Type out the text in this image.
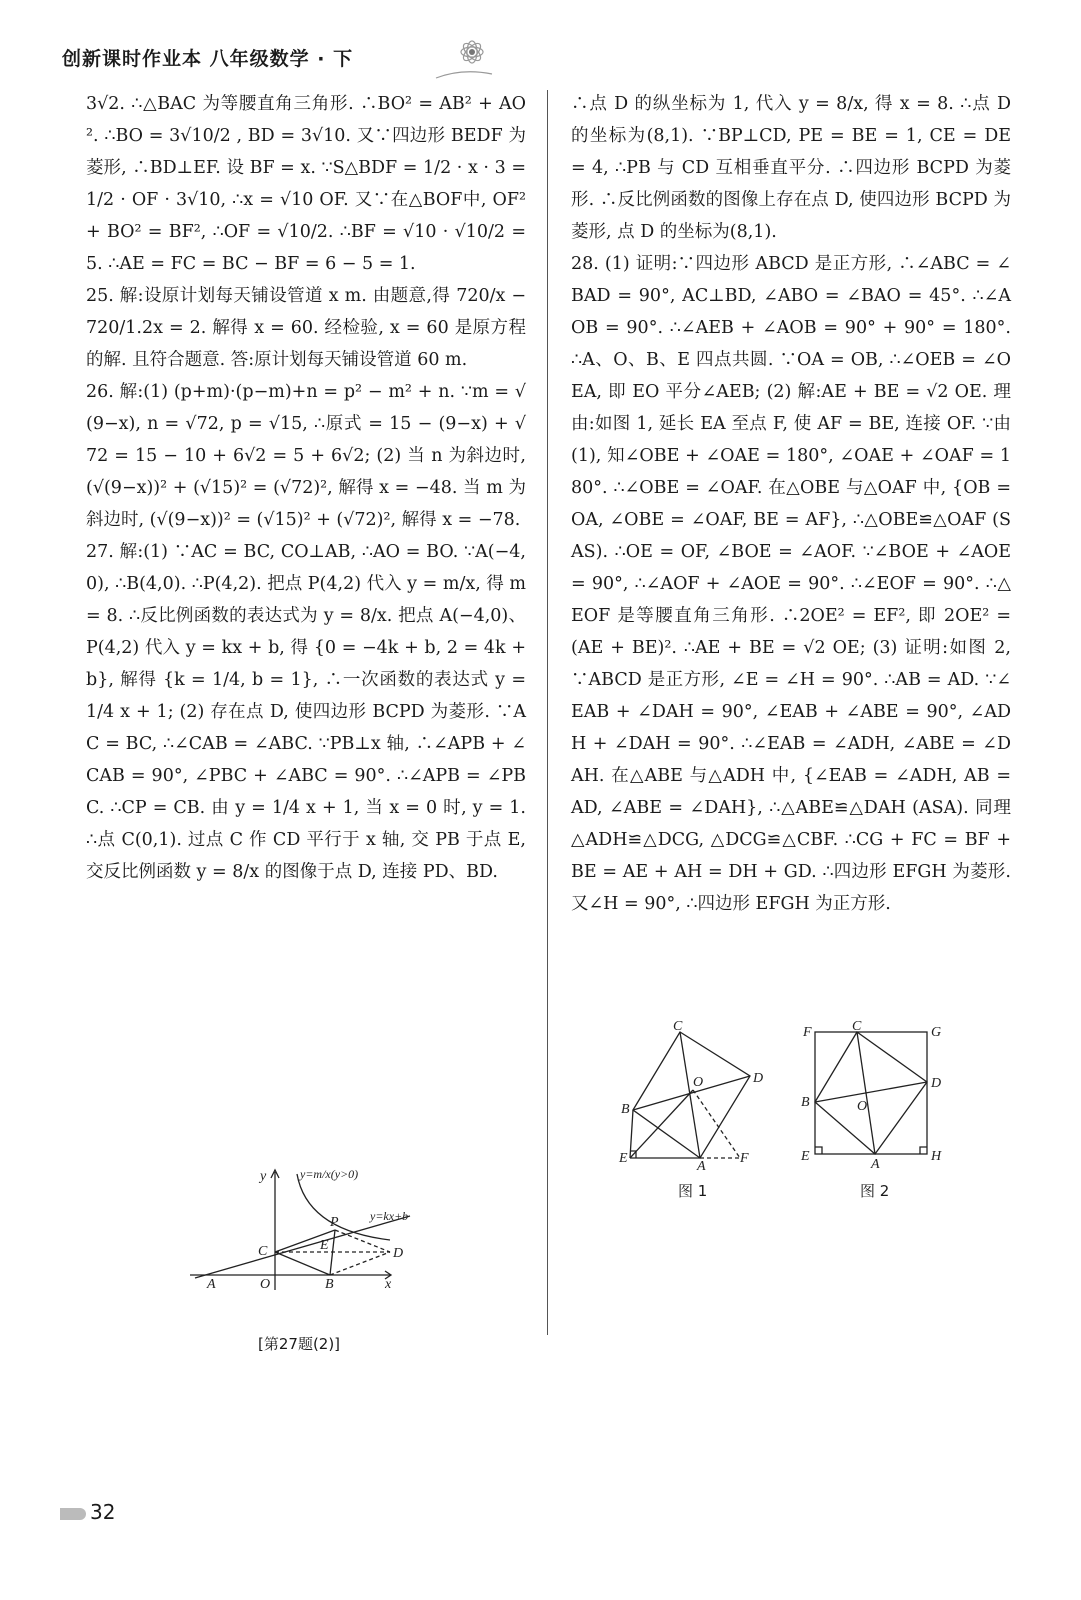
创新课时作业本 八年级数学 · 下

3√2. ∴△BAC 为等腰直角三角形. ∴BO² = AB² + AO². ∴BO = 3√10/2 , BD = 3√10. 又∵四边形 BEDF 为菱形, ∴BD⊥EF. 设 BF = x. ∵S△BDF = 1/2 · x · 3 = 1/2 · OF · 3√10, ∴x = √10 OF. 又∵在△BOF中, OF² + BO² = BF², ∴OF = √10/2. ∴BF = √10 · √10/2 = 5. ∴AE = FC = BC − BF = 6 − 5 = 1.

25. 解:设原计划每天铺设管道 x m. 由题意,得 720/x − 720/1.2x = 2. 解得 x = 60. 经检验, x = 60 是原方程的解. 且符合题意. 答:原计划每天铺设管道 60 m.

26. 解:(1) (p+m)·(p−m)+n = p² − m² + n. ∵m = √(9−x), n = √72, p = √15, ∴原式 = 15 − (9−x) + √72 = 15 − 10 + 6√2 = 5 + 6√2; (2) 当 n 为斜边时, (√(9−x))² + (√15)² = (√72)², 解得 x = −48. 当 m 为斜边时, (√(9−x))² = (√15)² + (√72)², 解得 x = −78.

27. 解:(1) ∵AC = BC, CO⊥AB, ∴AO = BO. ∵A(−4,0), ∴B(4,0). ∴P(4,2). 把点 P(4,2) 代入 y = m/x, 得 m = 8. ∴反比例函数的表达式为 y = 8/x. 把点 A(−4,0)、P(4,2) 代入 y = kx + b, 得 {0 = −4k + b, 2 = 4k + b}, 解得 {k = 1/4, b = 1}, ∴一次函数的表达式 y = 1/4 x + 1; (2) 存在点 D, 使四边形 BCPD 为菱形. ∵AC = BC, ∴∠CAB = ∠ABC. ∵PB⊥x 轴, ∴∠APB + ∠CAB = 90°, ∠PBC + ∠ABC = 90°. ∴∠APB = ∠PBC. ∴CP = CB. 由 y = 1/4 x + 1, 当 x = 0 时, y = 1. ∴点 C(0,1). 过点 C 作 CD 平行于 x 轴, 交 PB 于点 E, 交反比例函数 y = 8/x 的图像于点 D, 连接 PD、BD.

∴点 D 的纵坐标为 1, 代入 y = 8/x, 得 x = 8. ∴点 D 的坐标为(8,1). ∵BP⊥CD, PE = BE = 1, CE = DE = 4, ∴PB 与 CD 互相垂直平分. ∴四边形 BCPD 为菱形. ∴反比例函数的图像上存在点 D, 使四边形 BCPD 为菱形, 点 D 的坐标为(8,1).

28. (1) 证明:∵四边形 ABCD 是正方形, ∴∠ABC = ∠BAD = 90°, AC⊥BD, ∠ABO = ∠BAO = 45°. ∴∠AOB = 90°. ∴∠AEB + ∠AOB = 90° + 90° = 180°. ∴A、O、B、E 四点共圆. ∵OA = OB, ∴∠OEB = ∠OEA, 即 EO 平分∠AEB; (2) 解:AE + BE = √2 OE. 理由:如图 1, 延长 EA 至点 F, 使 AF = BE, 连接 OF. ∵由(1), 知∠OBE + ∠OAE = 180°, ∠OAE + ∠OAF = 180°. ∴∠OBE = ∠OAF. 在△OBE 与△OAF 中, {OB = OA, ∠OBE = ∠OAF, BE = AF}, ∴△OBE≌△OAF (SAS). ∴OE = OF, ∠BOE = ∠AOF. ∵∠BOE + ∠AOE = 90°, ∴∠AOF + ∠AOE = 90°. ∴∠EOF = 90°. ∴△EOF 是等腰直角三角形. ∴2OE² = EF², 即 2OE² = (AE + BE)². ∴AE + BE = √2 OE; (3) 证明:如图 2, ∵ABCD 是正方形, ∠E = ∠H = 90°. ∴AB = AD. ∵∠EAB + ∠DAH = 90°, ∠EAB + ∠ABE = 90°, ∠ADH + ∠DAH = 90°. ∴∠EAB = ∠ADH, ∠ABE = ∠DAH. 在△ABE 与△ADH 中, {∠EAB = ∠ADH, AB = AD, ∠ABE = ∠DAH}, ∴△ABE≌△DAH (ASA). 同理△ADH≌△DCG, △DCG≌△CBF. ∴CG + FC = BF + BE = AE + AH = DH + GD. ∴四边形 EFGH 为菱形. 又∠H = 90°, ∴四边形 EFGH 为正方形.

y
C
O
A	B
P
E
D
x
y=m/x(y>0)
y=kx+b
[第27题(2)]
C
D
O
B
E
A
F
图 1
F	C	G
B	O
D
E
A
H
图 2
32
